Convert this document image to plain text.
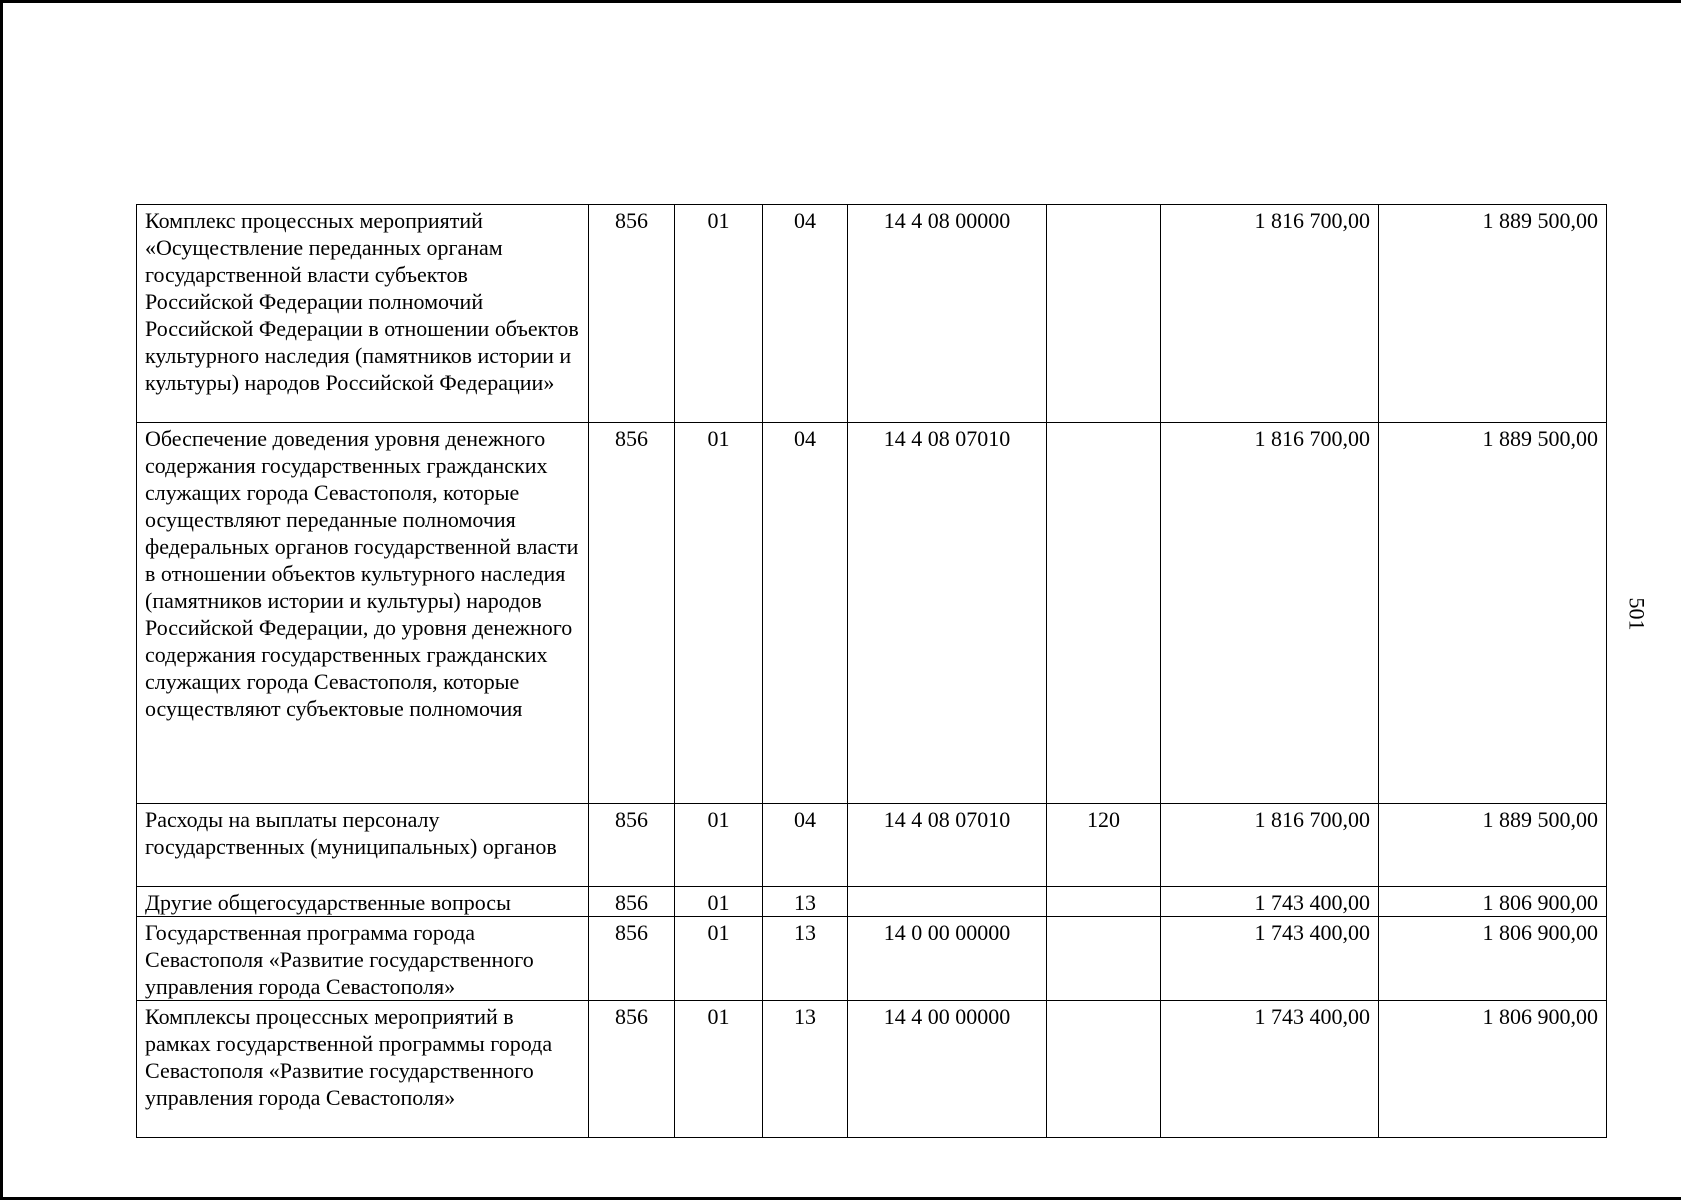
501
Комплекс процессных мероприятий «Осуществление переданных органам государственной власти субъектов Российской Федерации полномочий Российской Федерации в отношении объектов культурного наследия (памятников истории и культуры) народов Российской Федерации»	856	01	04	14 4 08 00000		1 816 700,00	1 889 500,00
Обеспечение доведения уровня денежного содержания государственных гражданских служащих города Севастополя, которые осуществляют переданные полномочия федеральных органов государственной власти в отношении объектов культурного наследия (памятников истории и культуры) народов Российской Федерации, до уровня денежного содержания государственных гражданских служащих города Севастополя, которые осуществляют субъектовые полномочия	856	01	04	14 4 08 07010		1 816 700,00	1 889 500,00
Расходы на выплаты персоналу государственных (муниципальных) органов	856	01	04	14 4 08 07010	120	1 816 700,00	1 889 500,00
Другие общегосударственные вопросы	856	01	13			1 743 400,00	1 806 900,00
Государственная программа города Севастополя «Развитие государственного управления города Севастополя»	856	01	13	14 0 00 00000		1 743 400,00	1 806 900,00
Комплексы процессных мероприятий в рамках государственной программы города Севастополя «Развитие государственного управления города Севастополя»	856	01	13	14 4 00 00000		1 743 400,00	1 806 900,00
